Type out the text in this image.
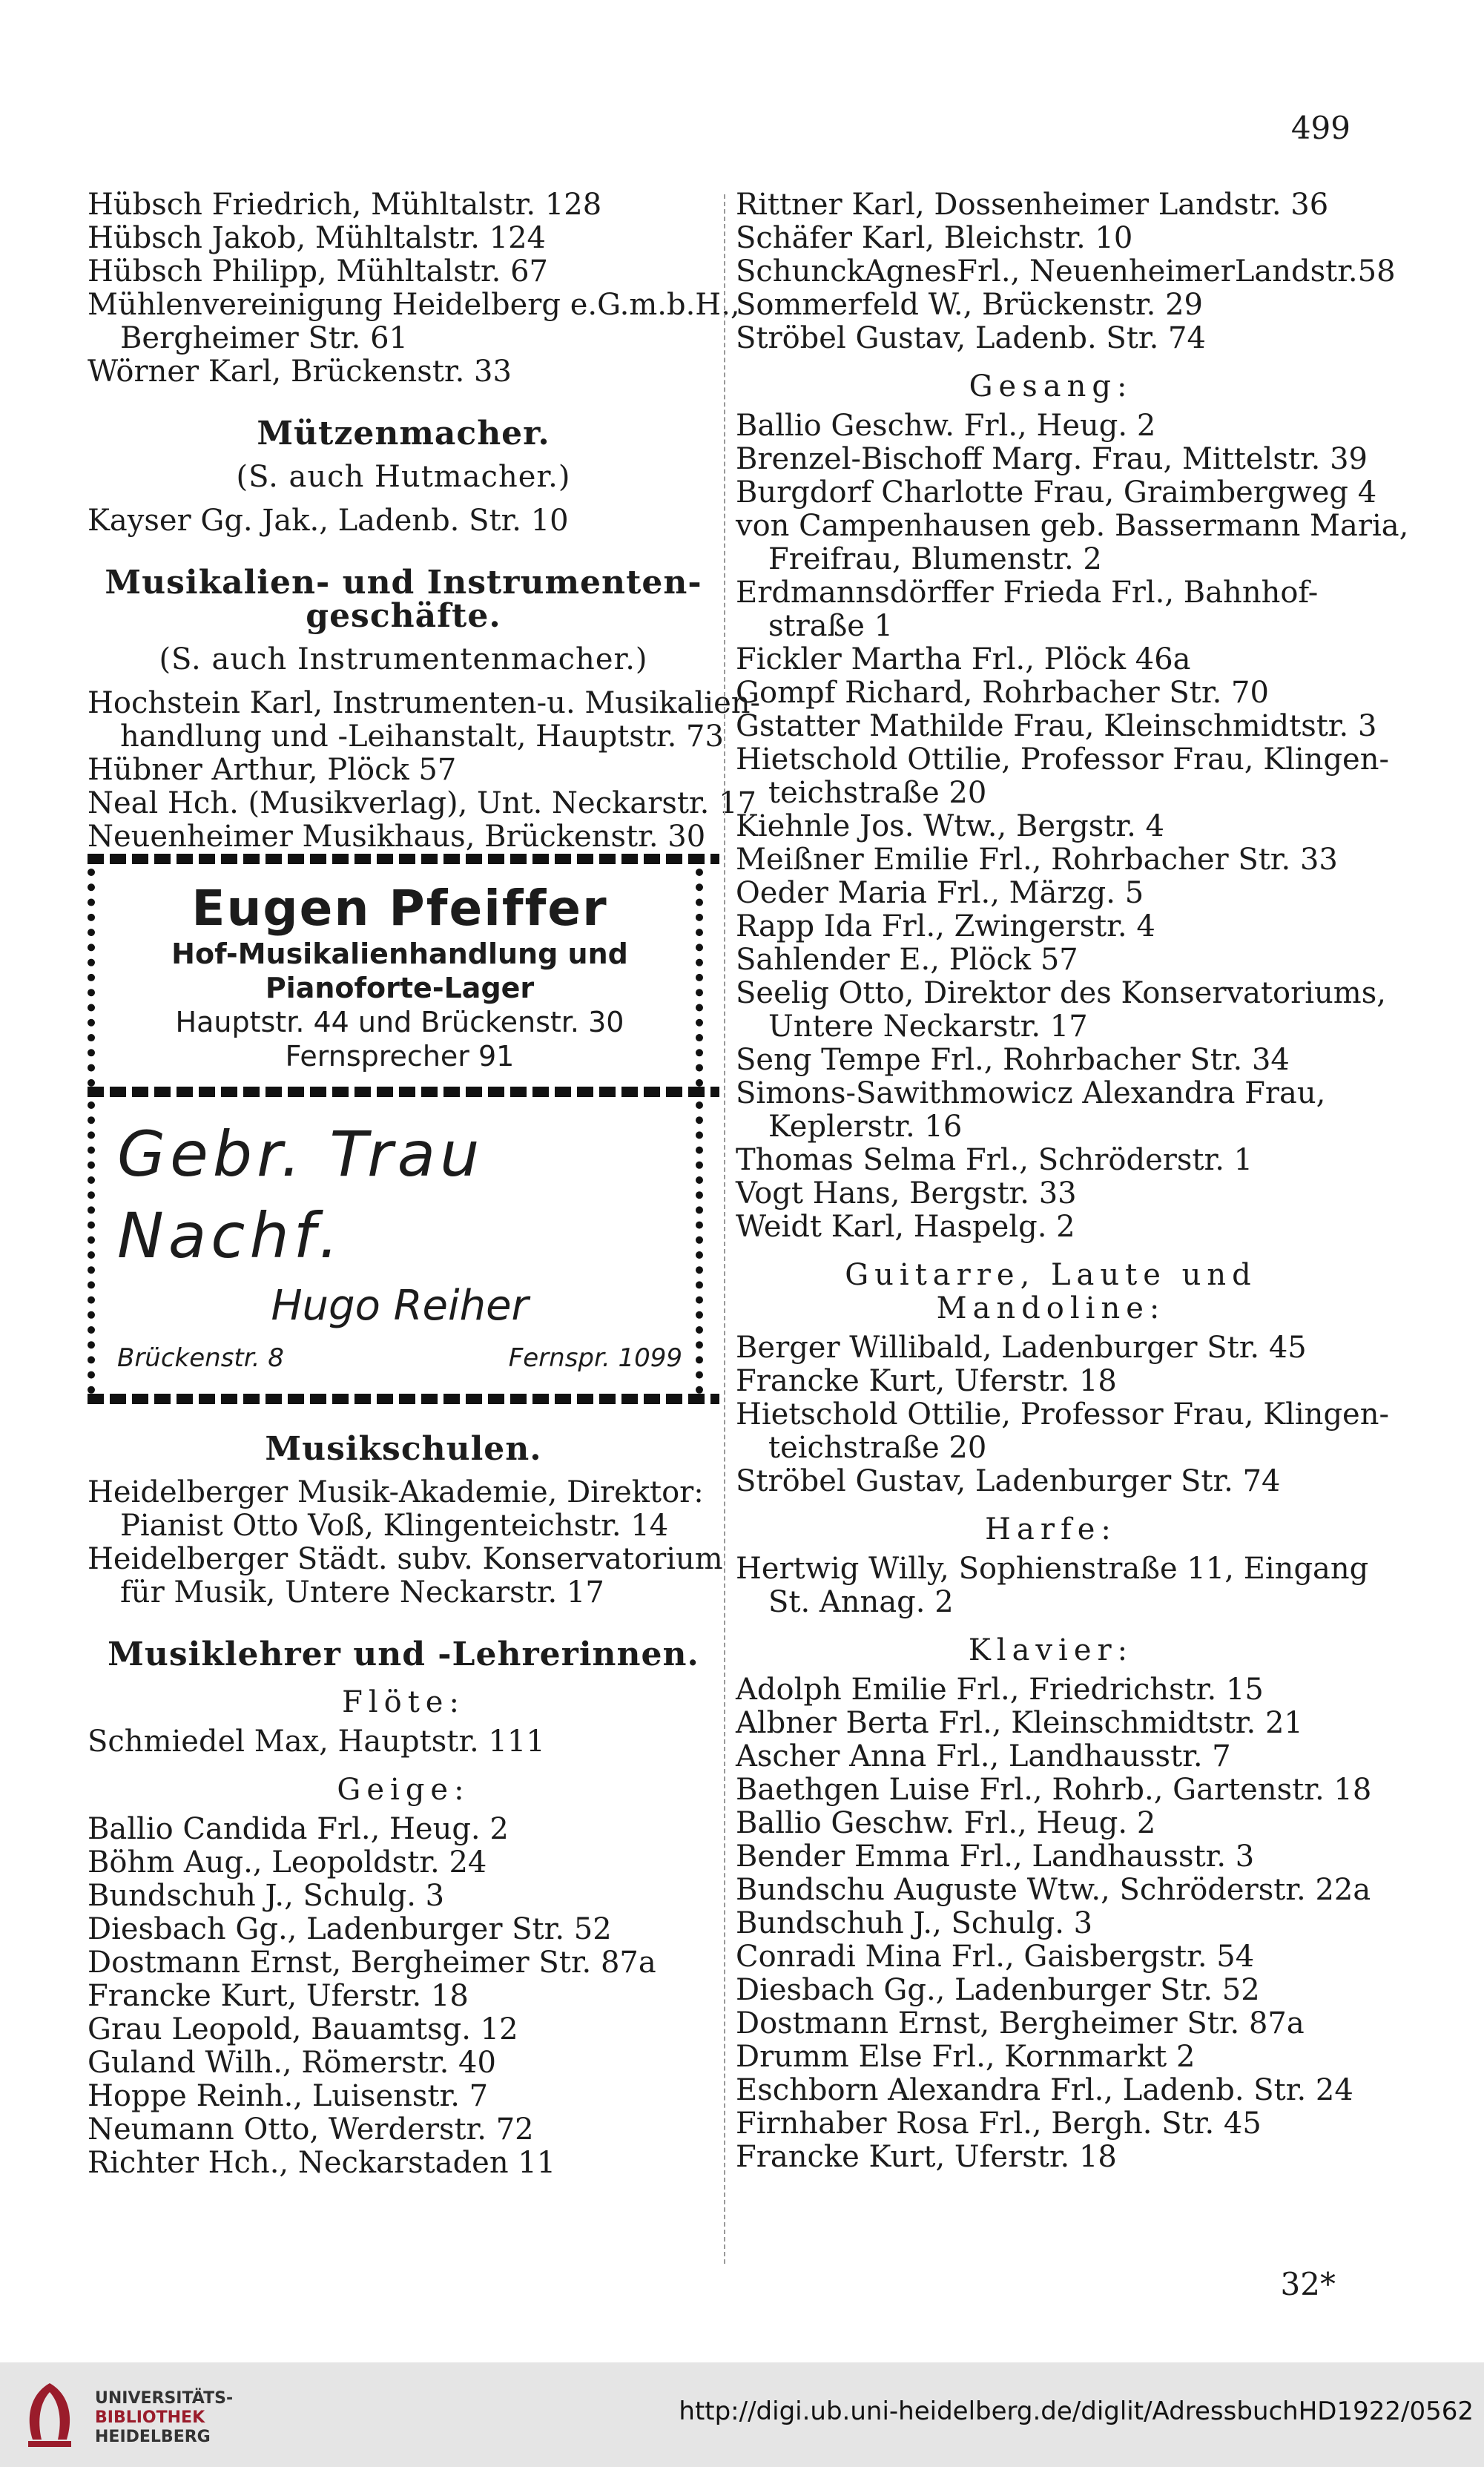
499
Hübsch Friedrich, Mühltalstr. 128
Hübsch Jakob, Mühltalstr. 124
Hübsch Philipp, Mühltalstr. 67
Mühlenvereinigung Heidelberg e.G.m.b.H.,
Bergheimer Str. 61
Wörner Karl, Brückenstr. 33
Mützenmacher.
(S. auch Hutmacher.)
Kayser Gg. Jak., Ladenb. Str. 10
Musikalien- und Instrumenten-
geschäfte.
(S. auch Instrumentenmacher.)
Hochstein Karl, Instrumenten-u. Musikalien-
handlung und -Leihanstalt, Hauptstr. 73
Hübner Arthur, Plöck 57
Neal Hch. (Musikverlag), Unt. Neckarstr. 17
Neuenheimer Musikhaus, Brückenstr. 30
Eugen Pfeiffer
Hof-Musikalienhandlung und
Pianoforte-Lager
Hauptstr. 44 und Brückenstr. 30
Fernsprecher 91
Gebr. Trau Nachf.
Hugo Reiher
Brückenstr. 8	Fernspr. 1099
Musikschulen.
Heidelberger Musik-Akademie, Direktor:
Pianist Otto Voß, Klingenteichstr. 14
Heidelberger Städt. subv. Konservatorium
für Musik, Untere Neckarstr. 17
Musiklehrer und -Lehrerinnen.
Flöte:
Schmiedel Max, Hauptstr. 111
Geige:
Ballio Candida Frl., Heug. 2
Böhm Aug., Leopoldstr. 24
Bundschuh J., Schulg. 3
Diesbach Gg., Ladenburger Str. 52
Dostmann Ernst, Bergheimer Str. 87a
Francke Kurt, Uferstr. 18
Grau Leopold, Bauamtsg. 12
Guland Wilh., Römerstr. 40
Hoppe Reinh., Luisenstr. 7
Neumann Otto, Werderstr. 72
Richter Hch., Neckarstaden 11
Rittner Karl, Dossenheimer Landstr. 36
Schäfer Karl, Bleichstr. 10
SchunckAgnesFrl., NeuenheimerLandstr.58
Sommerfeld W., Brückenstr. 29
Ströbel Gustav, Ladenb. Str. 74
Gesang:
Ballio Geschw. Frl., Heug. 2
Brenzel-Bischoff Marg. Frau, Mittelstr. 39
Burgdorf Charlotte Frau, Graimbergweg 4
von Campenhausen geb. Bassermann Maria,
Freifrau, Blumenstr. 2
Erdmannsdörffer Frieda Frl., Bahnhof-
straße 1
Fickler Martha Frl., Plöck 46a
Gompf Richard, Rohrbacher Str. 70
Gstatter Mathilde Frau, Kleinschmidtstr. 3
Hietschold Ottilie, Professor Frau, Klingen-
teichstraße 20
Kiehnle Jos. Wtw., Bergstr. 4
Meißner Emilie Frl., Rohrbacher Str. 33
Oeder Maria Frl., Märzg. 5
Rapp Ida Frl., Zwingerstr. 4
Sahlender E., Plöck 57
Seelig Otto, Direktor des Konservatoriums,
Untere Neckarstr. 17
Seng Tempe Frl., Rohrbacher Str. 34
Simons-Sawithmowicz Alexandra Frau,
Keplerstr. 16
Thomas Selma Frl., Schröderstr. 1
Vogt Hans, Bergstr. 33
Weidt Karl, Haspelg. 2
Guitarre, Laute und Mandoline:
Berger Willibald, Ladenburger Str. 45
Francke Kurt, Uferstr. 18
Hietschold Ottilie, Professor Frau, Klingen-
teichstraße 20
Ströbel Gustav, Ladenburger Str. 74
Harfe:
Hertwig Willy, Sophienstraße 11, Eingang
St. Annag. 2
Klavier:
Adolph Emilie Frl., Friedrichstr. 15
Albner Berta Frl., Kleinschmidtstr. 21
Ascher Anna Frl., Landhausstr. 7
Baethgen Luise Frl., Rohrb., Gartenstr. 18
Ballio Geschw. Frl., Heug. 2
Bender Emma Frl., Landhausstr. 3
Bundschu Auguste Wtw., Schröderstr. 22a
Bundschuh J., Schulg. 3
Conradi Mina Frl., Gaisbergstr. 54
Diesbach Gg., Ladenburger Str. 52
Dostmann Ernst, Bergheimer Str. 87a
Drumm Else Frl., Kornmarkt 2
Eschborn Alexandra Frl., Ladenb. Str. 24
Firnhaber Rosa Frl., Bergh. Str. 45
Francke Kurt, Uferstr. 18
32*
UNIVERSITÄTS-
BIBLIOTHEK
HEIDELBERG
http://digi.ub.uni-heidelberg.de/diglit/AdressbuchHD1922/0562
